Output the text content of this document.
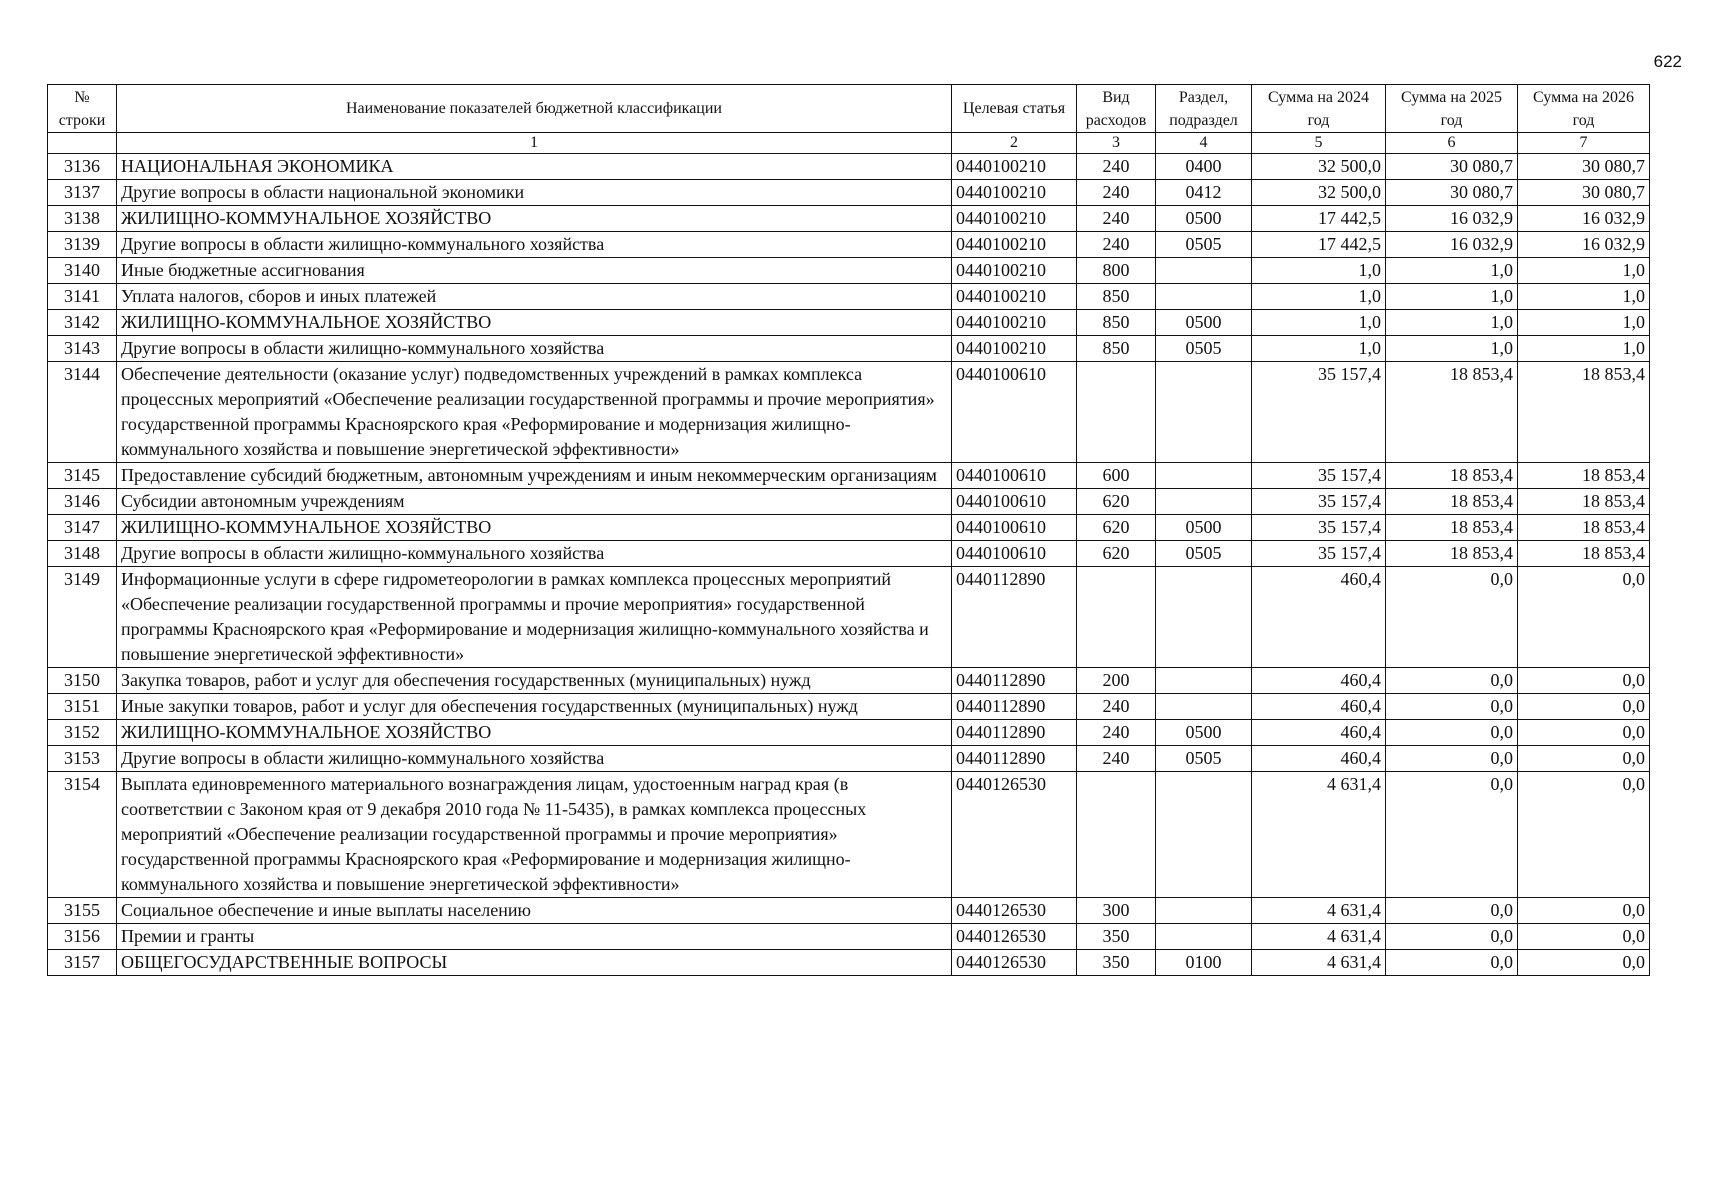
622
№ строки	Наименование показателей бюджетной классификации	Целевая статья	Вид расходов	Раздел, подраздел	Сумма на 2024 год	Сумма на 2025 год	Сумма на 2026 год
	1	2	3	4	5	6	7
3136	НАЦИОНАЛЬНАЯ ЭКОНОМИКА	0440100210	240	0400	32 500,0	30 080,7	30 080,7
3137	Другие вопросы в области национальной экономики	0440100210	240	0412	32 500,0	30 080,7	30 080,7
3138	ЖИЛИЩНО-КОММУНАЛЬНОЕ ХОЗЯЙСТВО	0440100210	240	0500	17 442,5	16 032,9	16 032,9
3139	Другие вопросы в области жилищно-коммунального хозяйства	0440100210	240	0505	17 442,5	16 032,9	16 032,9
3140	Иные бюджетные ассигнования	0440100210	800		1,0	1,0	1,0
3141	Уплата налогов, сборов и иных платежей	0440100210	850		1,0	1,0	1,0
3142	ЖИЛИЩНО-КОММУНАЛЬНОЕ ХОЗЯЙСТВО	0440100210	850	0500	1,0	1,0	1,0
3143	Другие вопросы в области жилищно-коммунального хозяйства	0440100210	850	0505	1,0	1,0	1,0
3144	Обеспечение деятельности (оказание услуг) подведомственных учреждений в рамках комплекса процессных мероприятий «Обеспечение реализации государственной программы и прочие мероприятия» государственной программы Красноярского края «Реформирование и модернизация жилищно-коммунального хозяйства и повышение энергетической эффективности»	0440100610			35 157,4	18 853,4	18 853,4
3145	Предоставление субсидий бюджетным, автономным учреждениям и иным некоммерческим организациям	0440100610	600		35 157,4	18 853,4	18 853,4
3146	Субсидии автономным учреждениям	0440100610	620		35 157,4	18 853,4	18 853,4
3147	ЖИЛИЩНО-КОММУНАЛЬНОЕ ХОЗЯЙСТВО	0440100610	620	0500	35 157,4	18 853,4	18 853,4
3148	Другие вопросы в области жилищно-коммунального хозяйства	0440100610	620	0505	35 157,4	18 853,4	18 853,4
3149	Информационные услуги в сфере гидрометеорологии в рамках комплекса процессных мероприятий «Обеспечение реализации государственной программы и прочие мероприятия» государственной программы Красноярского края «Реформирование и модернизация жилищно-коммунального хозяйства и повышение энергетической эффективности»	0440112890			460,4	0,0	0,0
3150	Закупка товаров, работ и услуг для обеспечения государственных (муниципальных) нужд	0440112890	200		460,4	0,0	0,0
3151	Иные закупки товаров, работ и услуг для обеспечения государственных (муниципальных) нужд	0440112890	240		460,4	0,0	0,0
3152	ЖИЛИЩНО-КОММУНАЛЬНОЕ ХОЗЯЙСТВО	0440112890	240	0500	460,4	0,0	0,0
3153	Другие вопросы в области жилищно-коммунального хозяйства	0440112890	240	0505	460,4	0,0	0,0
3154	Выплата единовременного материального вознаграждения лицам, удостоенным наград края (в соответствии с Законом края от 9 декабря 2010 года № 11-5435), в рамках комплекса процессных мероприятий «Обеспечение реализации государственной программы и прочие мероприятия» государственной программы Красноярского края «Реформирование и модернизация жилищно-коммунального хозяйства и повышение энергетической эффективности»	0440126530			4 631,4	0,0	0,0
3155	Социальное обеспечение и иные выплаты населению	0440126530	300		4 631,4	0,0	0,0
3156	Премии и гранты	0440126530	350		4 631,4	0,0	0,0
3157	ОБЩЕГОСУДАРСТВЕННЫЕ ВОПРОСЫ	0440126530	350	0100	4 631,4	0,0	0,0
